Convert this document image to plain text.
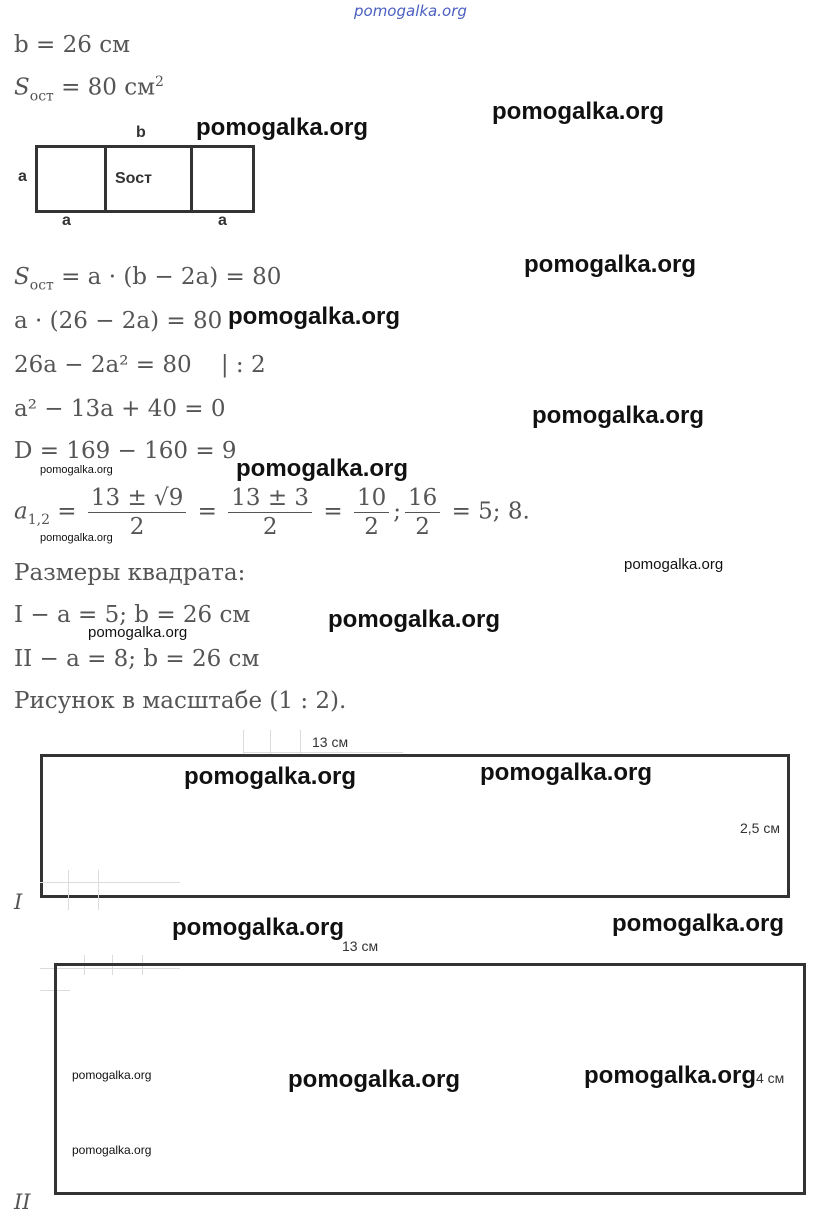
pomogalka.org
b = 26 см
$S_{ост} = 80$ $см^2$
b
a	Sост
a	a
$S_{ост} = a \cdot (b - 2a) = 80$
a · (26 − 2a) = 80
26a − 2a² = 80    | : 2
a² − 13a + 40 = 0
D = 169 − 160 = 9
$a_{1,2} = \frac{13 \pm √9}{2} = \frac{13 \pm 3}{2} = \frac{10}{2}$ ; $\frac{16}{2} = 5$; 8.
Размеры квадрата:
I − a = 5; b = 26 см
II − a = 8; b = 26 см
Рисунок в масштабе (1 : 2).
13 см
2,5 см
I
13 см
4 см
II
pomogalka.org
pomogalka.org
pomogalka.org
pomogalka.org
pomogalka.org
pomogalka.org
pomogalka.org
pomogalka.org	pomogalka.org
pomogalka.org	pomogalka.org
pomogalka.org	pomogalka.org
pomogalka.org
pomogalka.org
pomogalka.org
pomogalka.org
pomogalka.org
pomogalka.org
